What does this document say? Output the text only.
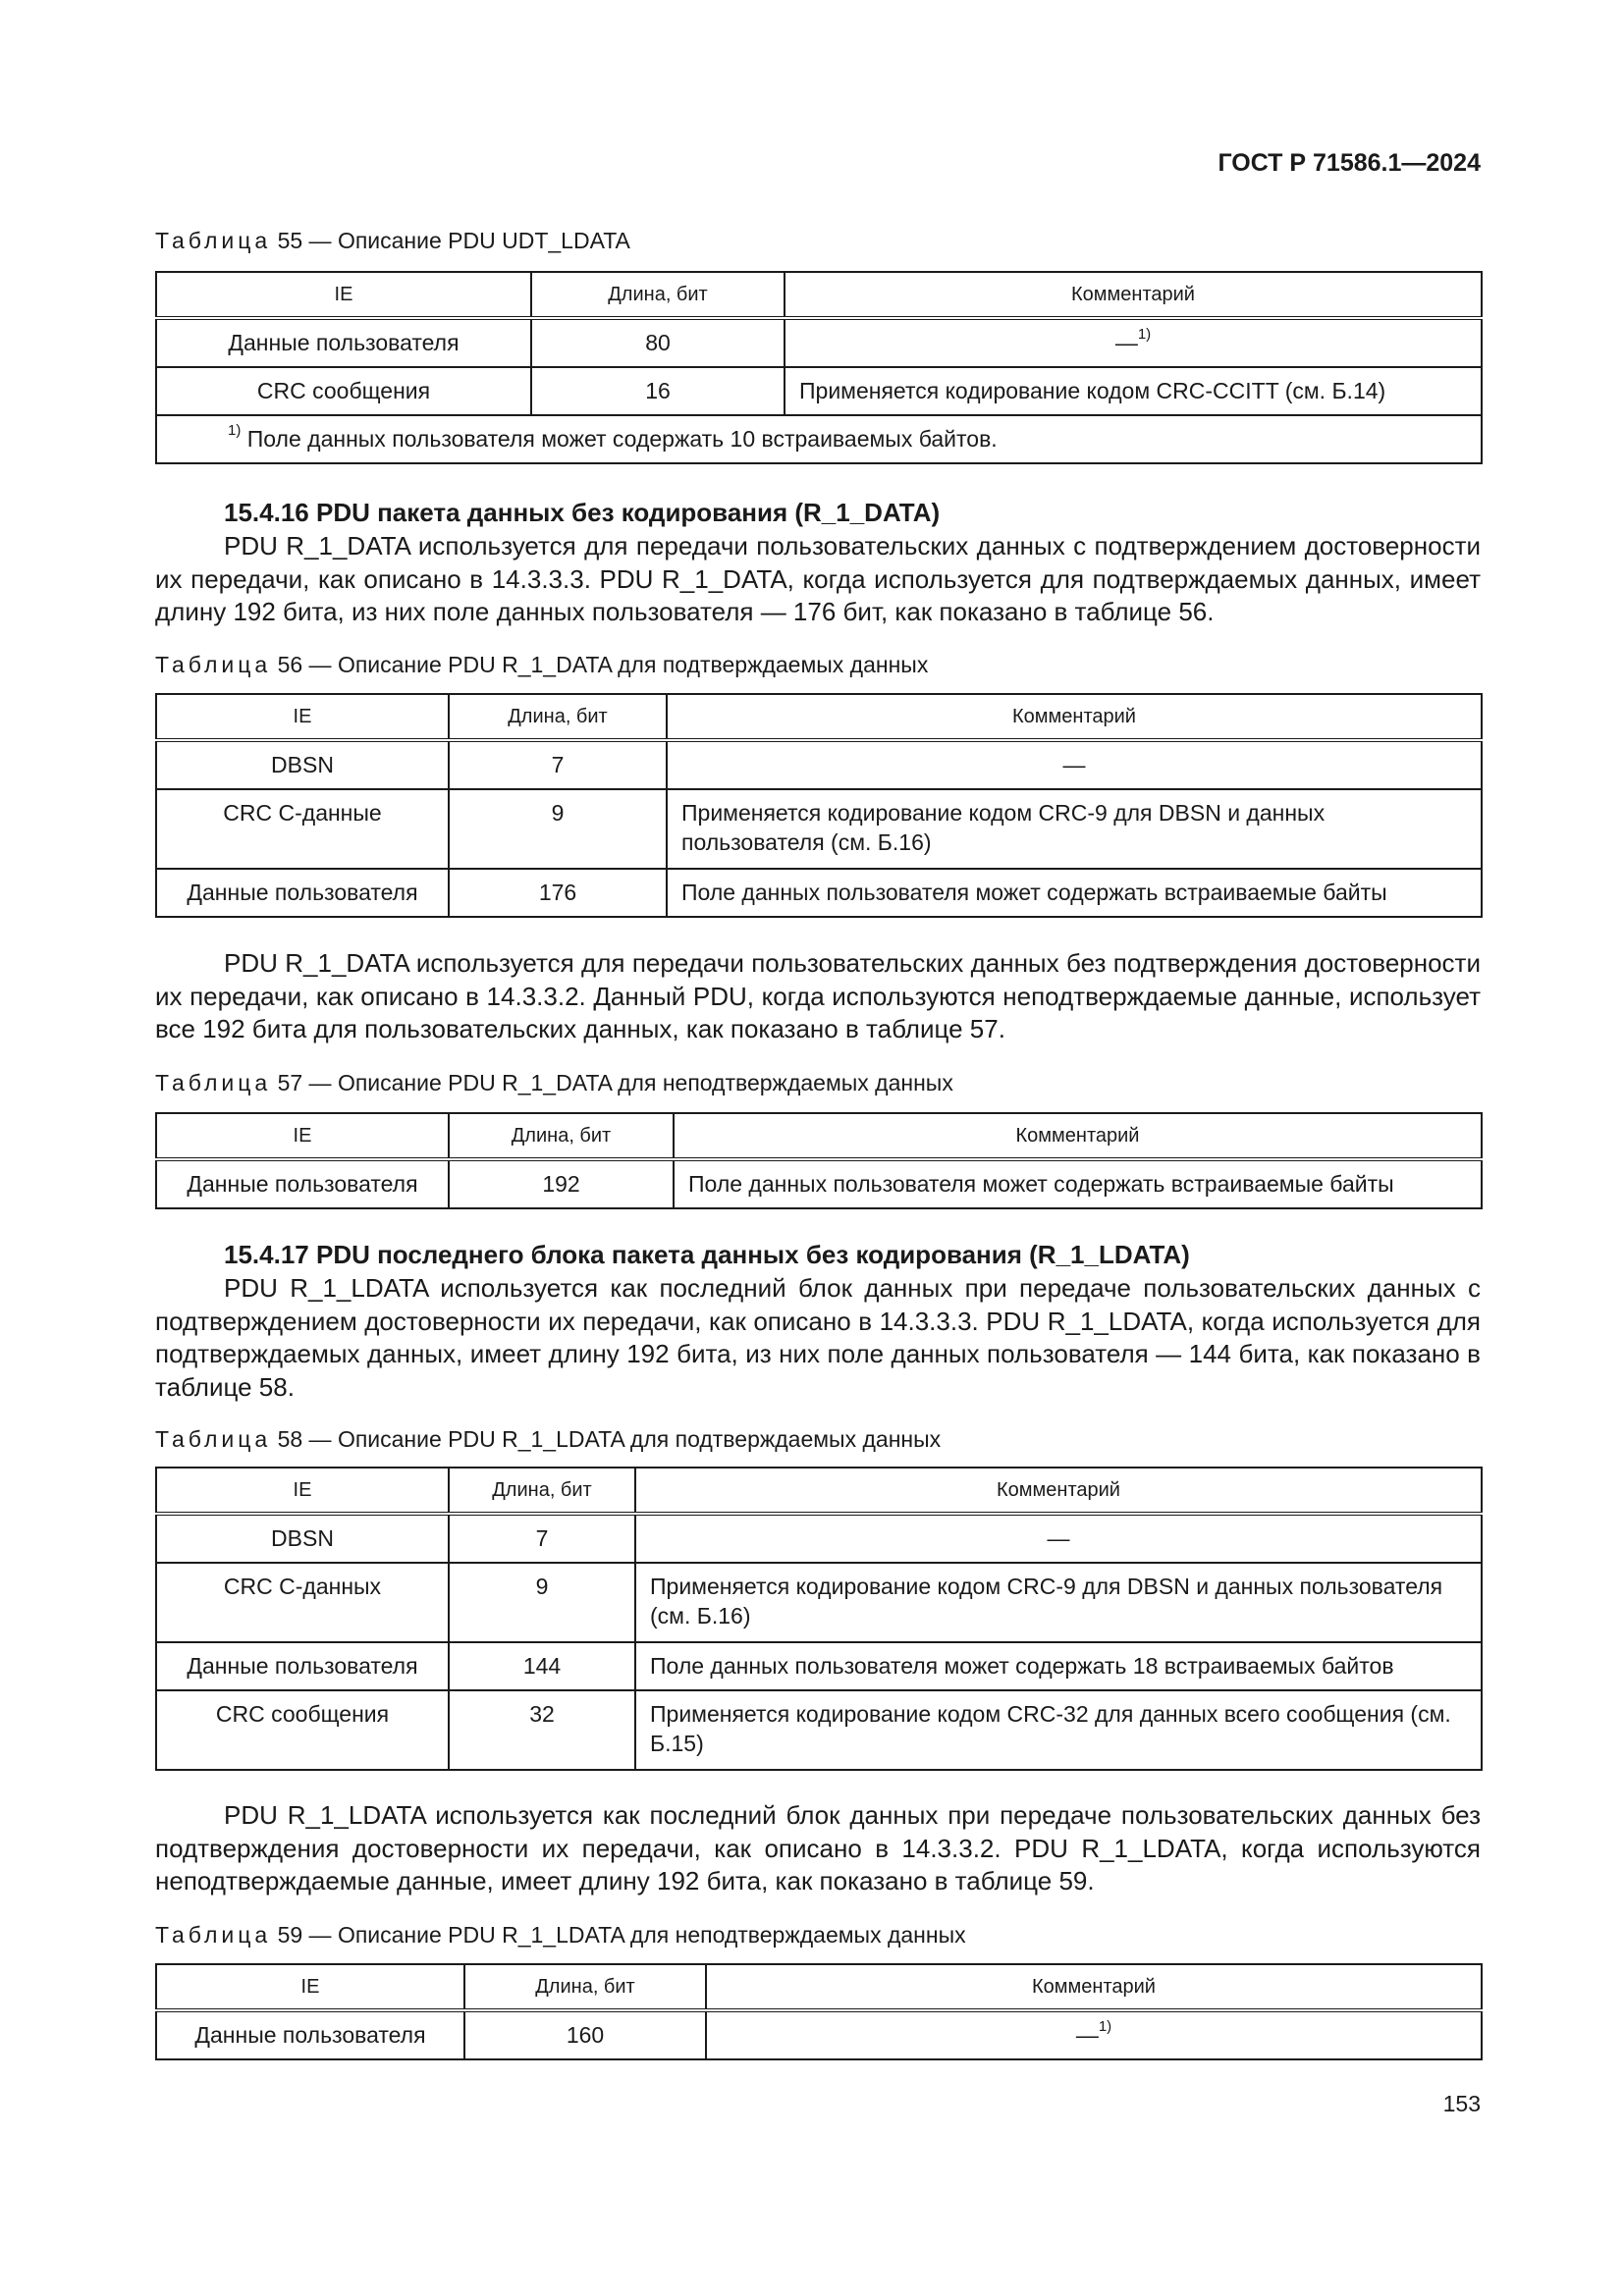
ГОСТ Р 71586.1—2024
Таблица 55 — Описание PDU UDT_LDATA
IE	Длина, бит	Комментарий
Данные пользователя	80	—$^{1)}$
CRC сообщения	16	Применяется кодирование кодом CRC-CCITT (см. Б.14)
$^{1)}$ Поле данных пользователя может содержать 10 встраиваемых байтов.		
15.4.16 PDU пакета данных без кодирования (R_1_DATA)
PDU R_1_DATA используется для передачи пользовательских данных с подтверждением достоверности их передачи, как описано в 14.3.3.3. PDU R_1_DATA, когда используется для подтверждаемых данных, имеет длину 192 бита, из них поле данных пользователя — 176 бит, как показано в таблице 56.
Таблица 56 — Описание PDU R_1_DATA для подтверждаемых данных
IE	Длина, бит	Комментарий
DBSN	7	—
CRC C-данные	9	Применяется кодирование кодом CRC-9 для DBSN и данных пользователя (см. Б.16)
Данные пользователя	176	Поле данных пользователя может содержать встраиваемые байты
PDU R_1_DATA используется для передачи пользовательских данных без подтверждения достоверности их передачи, как описано в 14.3.3.2. Данный PDU, когда используются неподтверждаемые данные, использует все 192 бита для пользовательских данных, как показано в таблице 57.
Таблица 57 — Описание PDU R_1_DATA для неподтверждаемых данных
IE	Длина, бит	Комментарий
Данные пользователя	192	Поле данных пользователя может содержать встраиваемые байты
15.4.17 PDU последнего блока пакета данных без кодирования (R_1_LDATA)
PDU R_1_LDATA используется как последний блок данных при передаче пользовательских данных с подтверждением достоверности их передачи, как описано в 14.3.3.3. PDU R_1_LDATA, когда используется для подтверждаемых данных, имеет длину 192 бита, из них поле данных пользователя — 144 бита, как показано в таблице 58.
Таблица 58 — Описание PDU R_1_LDATA для подтверждаемых данных
IE	Длина, бит	Комментарий
DBSN	7	—
CRC C-данных	9	Применяется кодирование кодом CRC-9 для DBSN и данных пользователя (см. Б.16)
Данные пользователя	144	Поле данных пользователя может содержать 18 встраиваемых байтов
CRC сообщения	32	Применяется кодирование кодом CRC-32 для данных всего сообщения (см. Б.15)
PDU R_1_LDATA используется как последний блок данных при передаче пользовательских данных без подтверждения достоверности их передачи, как описано в 14.3.3.2. PDU R_1_LDATA, когда используются неподтверждаемые данные, имеет длину 192 бита, как показано в таблице 59.
Таблица 59 — Описание PDU R_1_LDATA для неподтверждаемых данных
IE	Длина, бит	Комментарий
Данные пользователя	160	—$^{1)}$
153
